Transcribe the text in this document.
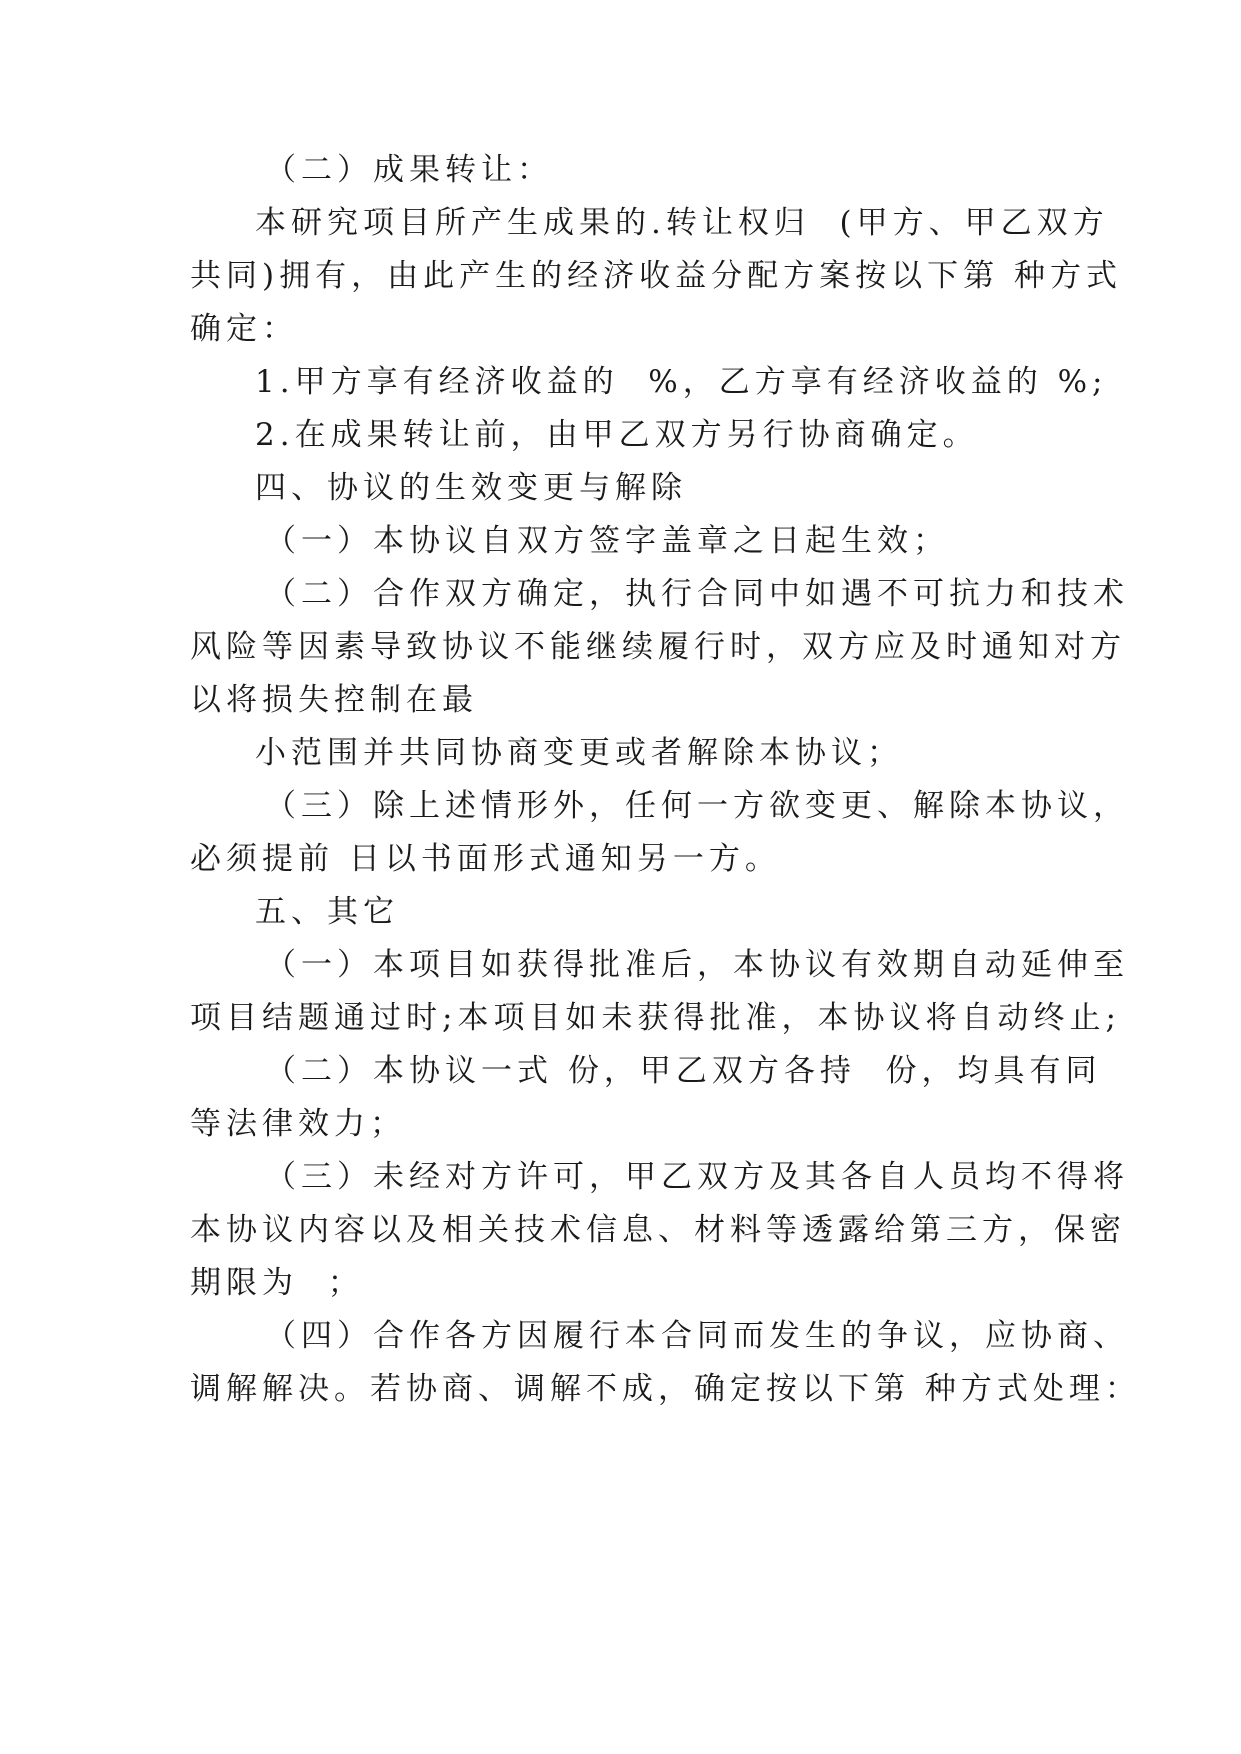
（二）成果转让：
本研究项目所产生成果的.转让权归  (甲方、甲乙双方
共同)拥有，由此产生的经济收益分配方案按以下第 种方式
确定：
1.甲方享有经济收益的  %，乙方享有经济收益的 %;
2.在成果转让前，由甲乙双方另行协商确定。
四、协议的生效变更与解除
（一）本协议自双方签字盖章之日起生效；
（二）合作双方确定，执行合同中如遇不可抗力和技术
风险等因素导致协议不能继续履行时，双方应及时通知对方
以将损失控制在最
小范围并共同协商变更或者解除本协议；
（三）除上述情形外，任何一方欲变更、解除本协议，
必须提前 日以书面形式通知另一方。
五、其它
（一）本项目如获得批准后，本协议有效期自动延伸至
项目结题通过时;本项目如未获得批准，本协议将自动终止;
（二）本协议一式 份，甲乙双方各持  份，均具有同
等法律效力；
（三）未经对方许可，甲乙双方及其各自人员均不得将
本协议内容以及相关技术信息、材料等透露给第三方，保密
期限为  ；
（四）合作各方因履行本合同而发生的争议，应协商、
调解解决。若协商、调解不成，确定按以下第 种方式处理：
